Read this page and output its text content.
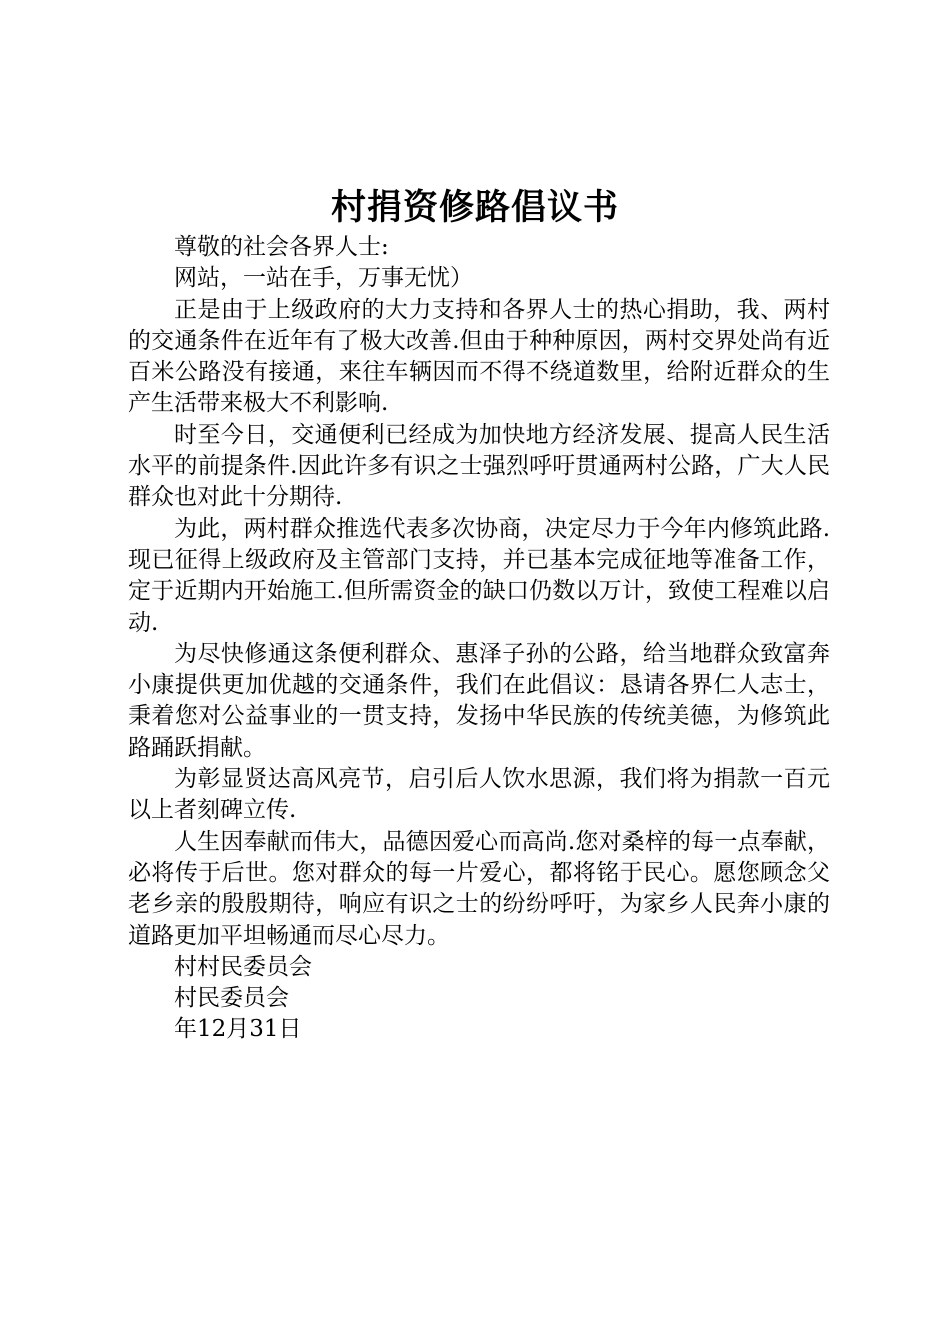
村捐资修路倡议书

尊敬的社会各界人士:

网站，一站在手，万事无忧）

正是由于上级政府的大力支持和各界人士的热心捐助，我、两村的交通条件在近年有了极大改善.但由于种种原因，两村交界处尚有近百米公路没有接通，来往车辆因而不得不绕道数里，给附近群众的生产生活带来极大不利影响.

时至今日，交通便利已经成为加快地方经济发展、提高人民生活水平的前提条件.因此许多有识之士强烈呼吁贯通两村公路，广大人民群众也对此十分期待.

为此，两村群众推选代表多次协商，决定尽力于今年内修筑此路.现已征得上级政府及主管部门支持，并已基本完成征地等准备工作，定于近期内开始施工.但所需资金的缺口仍数以万计，致使工程难以启动.

为尽快修通这条便利群众、惠泽子孙的公路，给当地群众致富奔小康提供更加优越的交通条件，我们在此倡议：恳请各界仁人志士，秉着您对公益事业的一贯支持，发扬中华民族的传统美德，为修筑此路踊跃捐献。

为彰显贤达高风亮节，启引后人饮水思源，我们将为捐款一百元以上者刻碑立传.

人生因奉献而伟大，品德因爱心而高尚.您对桑梓的每一点奉献，必将传于后世。您对群众的每一片爱心，都将铭于民心。愿您顾念父老乡亲的殷殷期待，响应有识之士的纷纷呼吁，为家乡人民奔小康的道路更加平坦畅通而尽心尽力。

村村民委员会

村民委员会

年12月31日
